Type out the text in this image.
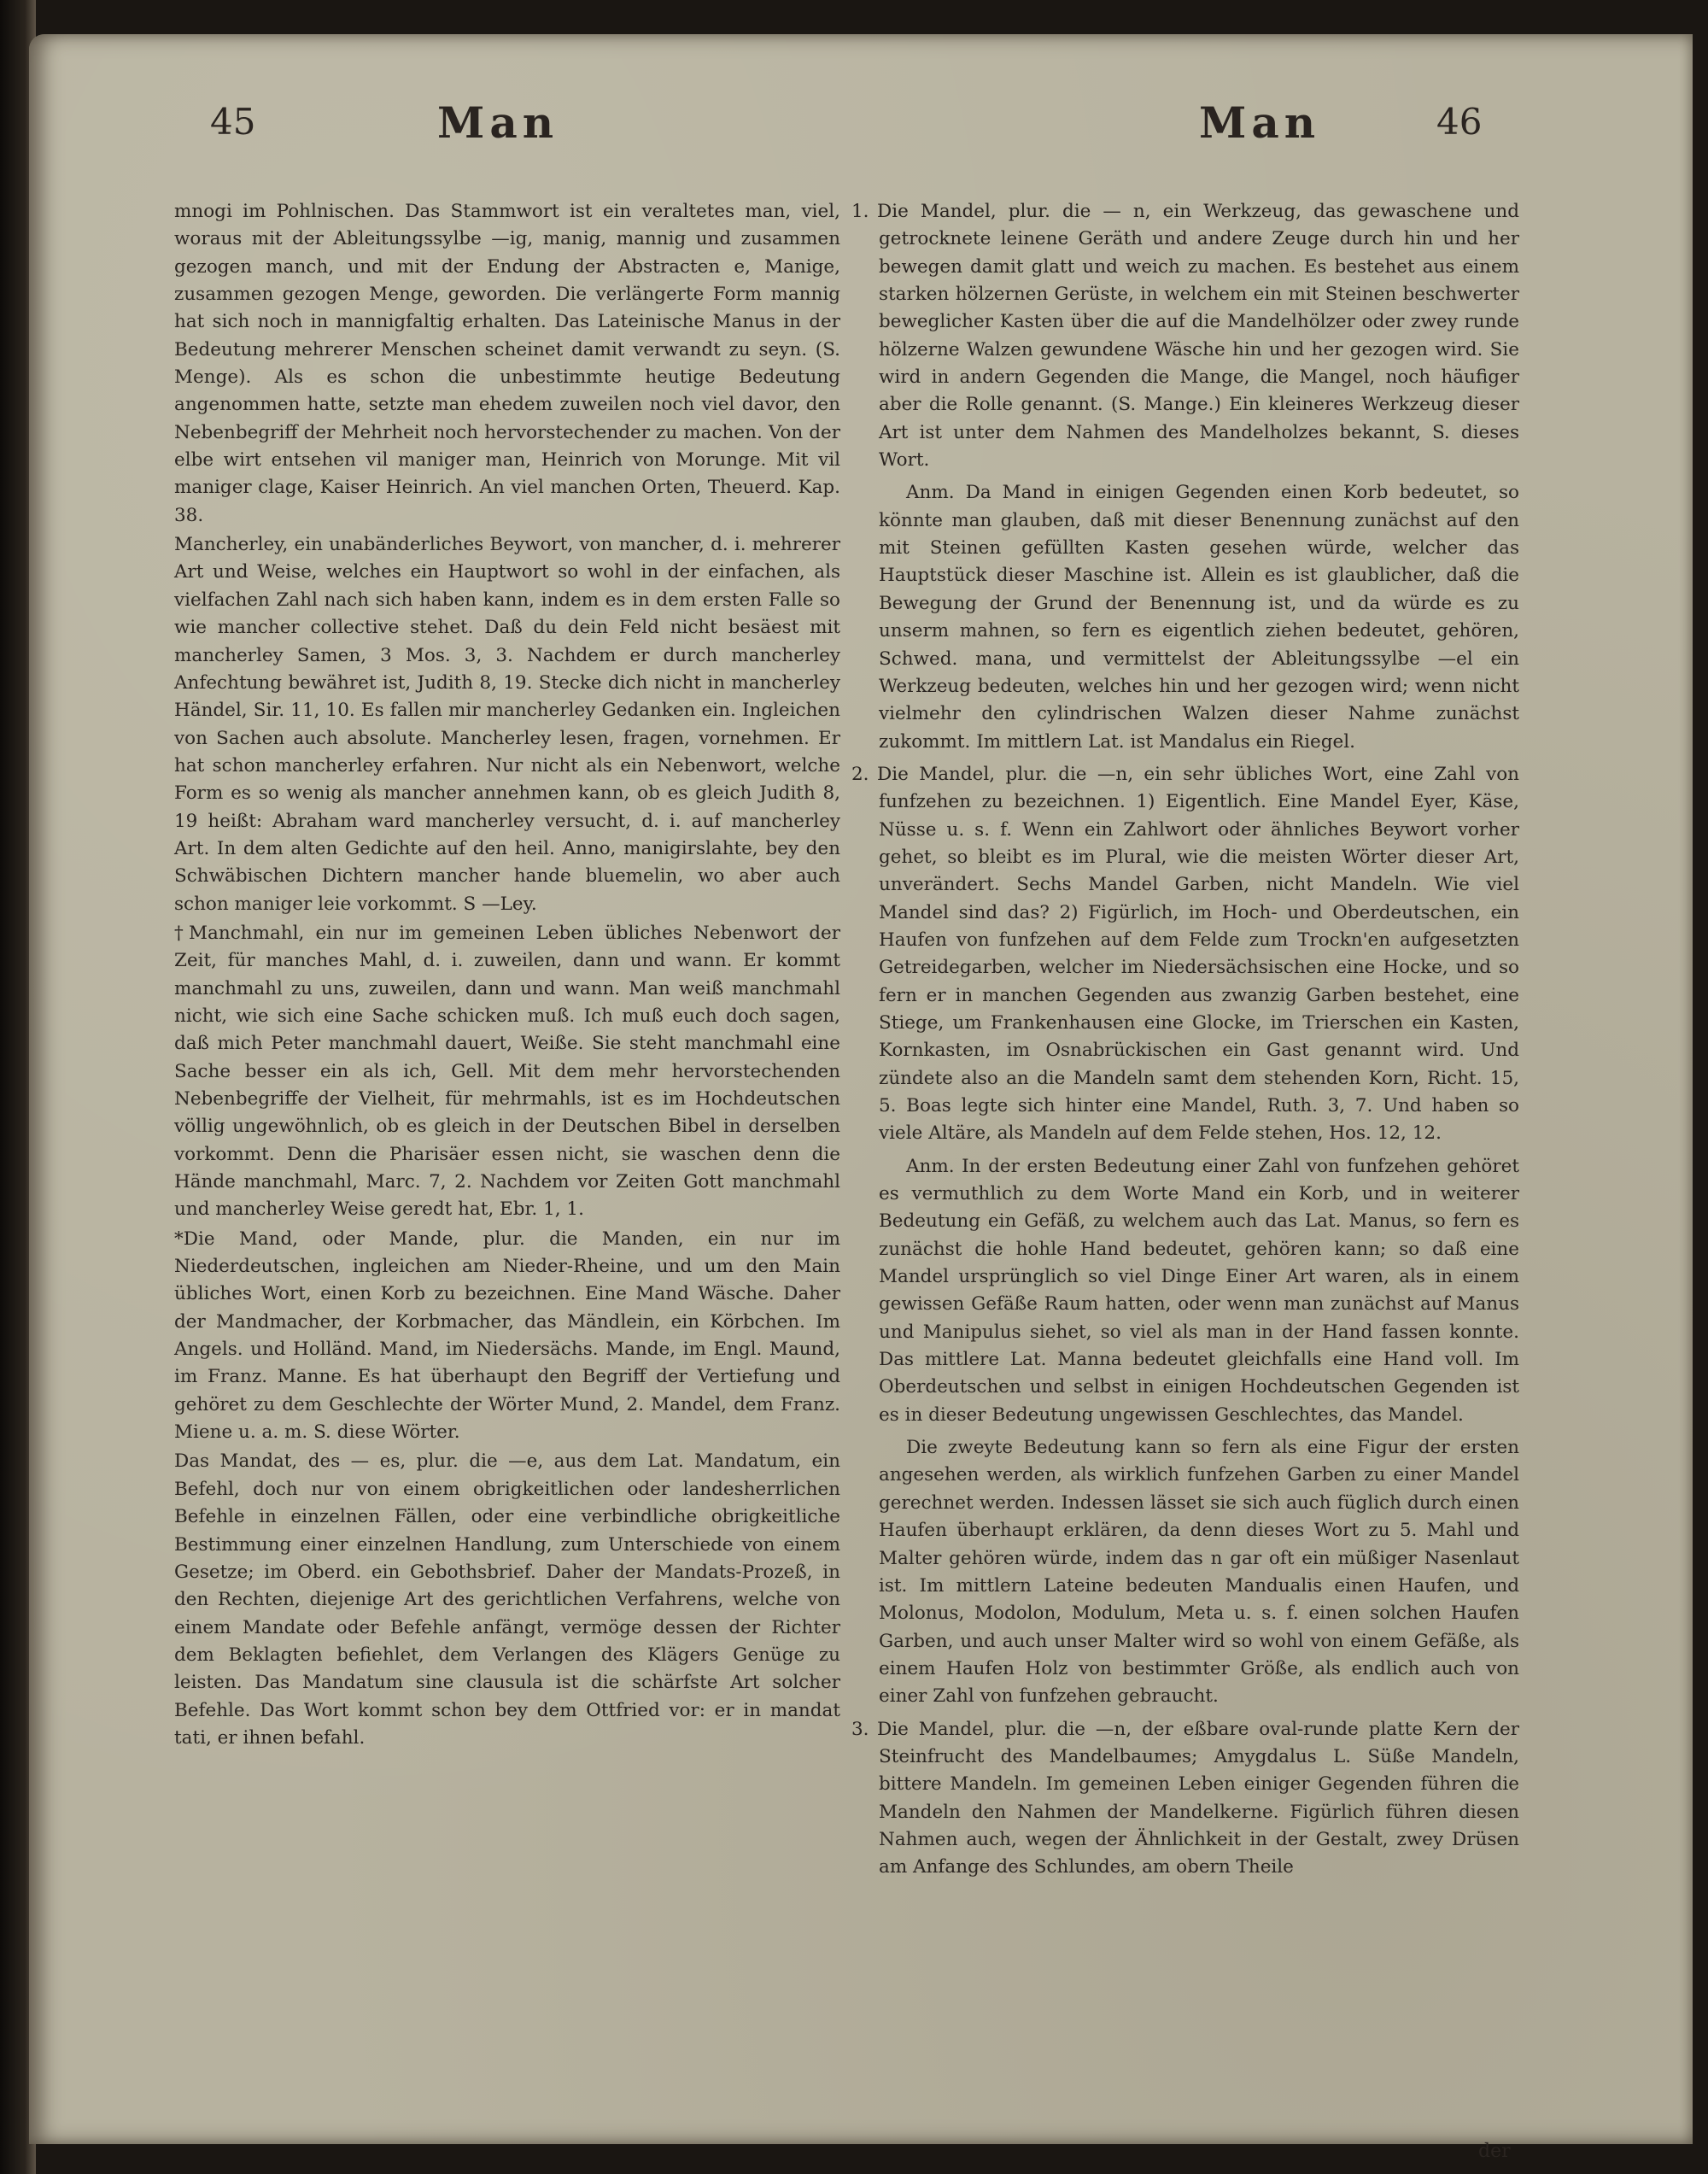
45	Man	Man	46

mnogi im Pohlnischen. Das Stammwort ist ein veraltetes man, viel, woraus mit der Ableitungssylbe —ig, manig, mannig und zusammen gezogen manch, und mit der Endung der Abstracten e, Manige, zusammen gezogen Menge, geworden. Die verlängerte Form mannig hat sich noch in mannigfaltig erhalten. Das Lateinische Manus in der Bedeutung mehrerer Menschen scheinet damit verwandt zu seyn. (S. Menge). Als es schon die unbestimmte heutige Bedeutung angenommen hatte, setzte man ehedem zuweilen noch viel davor, den Nebenbegriff der Mehrheit noch hervorstechender zu machen. Von der elbe wirt entsehen vil maniger man, Heinrich von Morunge. Mit vil maniger clage, Kaiser Heinrich. An viel manchen Orten, Theuerd. Kap. 38.

Mancherley, ein unabänderliches Beywort, von mancher, d. i. mehrerer Art und Weise, welches ein Hauptwort so wohl in der einfachen, als vielfachen Zahl nach sich haben kann, indem es in dem ersten Falle so wie mancher collective stehet. Daß du dein Feld nicht besäest mit mancherley Samen, 3 Mos. 3, 3. Nachdem er durch mancherley Anfechtung bewähret ist, Judith 8, 19. Stecke dich nicht in mancherley Händel, Sir. 11, 10. Es fallen mir mancherley Gedanken ein. Ingleichen von Sachen auch absolute. Mancherley lesen, fragen, vornehmen. Er hat schon mancherley erfahren. Nur nicht als ein Nebenwort, welche Form es so wenig als mancher annehmen kann, ob es gleich Judith 8, 19 heißt: Abraham ward mancherley versucht, d. i. auf mancherley Art. In dem alten Gedichte auf den heil. Anno, manigirslahte, bey den Schwäbischen Dichtern mancher hande bluemelin, wo aber auch schon maniger leie vorkommt. S —Ley.

†Manchmahl, ein nur im gemeinen Leben übliches Nebenwort der Zeit, für manches Mahl, d. i. zuweilen, dann und wann. Er kommt manchmahl zu uns, zuweilen, dann und wann. Man weiß manchmahl nicht, wie sich eine Sache schicken muß. Ich muß euch doch sagen, daß mich Peter manchmahl dauert, Weiße. Sie steht manchmahl eine Sache besser ein als ich, Gell. Mit dem mehr hervorstechenden Nebenbegriffe der Vielheit, für mehrmahls, ist es im Hochdeutschen völlig ungewöhnlich, ob es gleich in der Deutschen Bibel in derselben vorkommt. Denn die Pharisäer essen nicht, sie waschen denn die Hände manchmahl, Marc. 7, 2. Nachdem vor Zeiten Gott manchmahl und mancherley Weise geredt hat, Ebr. 1, 1.

*Die Mand, oder Mande, plur. die Manden, ein nur im Niederdeutschen, ingleichen am Nieder-Rheine, und um den Main übliches Wort, einen Korb zu bezeichnen. Eine Mand Wäsche. Daher der Mandmacher, der Korbmacher, das Mändlein, ein Körbchen. Im Angels. und Holländ. Mand, im Niedersächs. Mande, im Engl. Maund, im Franz. Manne. Es hat überhaupt den Begriff der Vertiefung und gehöret zu dem Geschlechte der Wörter Mund, 2. Mandel, dem Franz. Miene u. a. m. S. diese Wörter.

Das Mandat, des — es, plur. die —e, aus dem Lat. Mandatum, ein Befehl, doch nur von einem obrigkeitlichen oder landesherrlichen Befehle in einzelnen Fällen, oder eine verbindliche obrigkeitliche Bestimmung einer einzelnen Handlung, zum Unterschiede von einem Gesetze; im Oberd. ein Gebothsbrief. Daher der Mandats-Prozeß, in den Rechten, diejenige Art des gerichtlichen Verfahrens, welche von einem Mandate oder Befehle anfängt, vermöge dessen der Richter dem Beklagten befiehlet, dem Verlangen des Klägers Genüge zu leisten. Das Mandatum sine clausula ist die schärfste Art solcher Befehle. Das Wort kommt schon bey dem Ottfried vor: er in mandat tati, er ihnen befahl.

1. Die Mandel, plur. die — n, ein Werkzeug, das gewaschene und getrocknete leinene Geräth und andere Zeuge durch hin und her bewegen damit glatt und weich zu machen. Es bestehet aus einem starken hölzernen Gerüste, in welchem ein mit Steinen beschwerter beweglicher Kasten über die auf die Mandelhölzer oder zwey runde hölzerne Walzen gewundene Wäsche hin und her gezogen wird. Sie wird in andern Gegenden die Mange, die Mangel, noch häufiger aber die Rolle genannt. (S. Mange.) Ein kleineres Werkzeug dieser Art ist unter dem Nahmen des Mandelholzes bekannt, S. dieses Wort.

Anm. Da Mand in einigen Gegenden einen Korb bedeutet, so könnte man glauben, daß mit dieser Benennung zunächst auf den mit Steinen gefüllten Kasten gesehen würde, welcher das Hauptstück dieser Maschine ist. Allein es ist glaublicher, daß die Bewegung der Grund der Benennung ist, und da würde es zu unserm mahnen, so fern es eigentlich ziehen bedeutet, gehören, Schwed. mana, und vermittelst der Ableitungssylbe —el ein Werkzeug bedeuten, welches hin und her gezogen wird; wenn nicht vielmehr den cylindrischen Walzen dieser Nahme zunächst zukommt. Im mittlern Lat. ist Mandalus ein Riegel.

2. Die Mandel, plur. die —n, ein sehr übliches Wort, eine Zahl von funfzehen zu bezeichnen. 1) Eigentlich. Eine Mandel Eyer, Käse, Nüsse u. s. f. Wenn ein Zahlwort oder ähnliches Beywort vorher gehet, so bleibt es im Plural, wie die meisten Wörter dieser Art, unverändert. Sechs Mandel Garben, nicht Mandeln. Wie viel Mandel sind das? 2) Figürlich, im Hoch- und Oberdeutschen, ein Haufen von funfzehen auf dem Felde zum Trockn'en aufgesetzten Getreidegarben, welcher im Niedersächsischen eine Hocke, und so fern er in manchen Gegenden aus zwanzig Garben bestehet, eine Stiege, um Frankenhausen eine Glocke, im Trierschen ein Kasten, Kornkasten, im Osnabrückischen ein Gast genannt wird. Und zündete also an die Mandeln samt dem stehenden Korn, Richt. 15, 5. Boas legte sich hinter eine Mandel, Ruth. 3, 7. Und haben so viele Altäre, als Mandeln auf dem Felde stehen, Hos. 12, 12.

Anm. In der ersten Bedeutung einer Zahl von funfzehen gehöret es vermuthlich zu dem Worte Mand ein Korb, und in weiterer Bedeutung ein Gefäß, zu welchem auch das Lat. Manus, so fern es zunächst die hohle Hand bedeutet, gehören kann; so daß eine Mandel ursprünglich so viel Dinge Einer Art waren, als in einem gewissen Gefäße Raum hatten, oder wenn man zunächst auf Manus und Manipulus siehet, so viel als man in der Hand fassen konnte. Das mittlere Lat. Manna bedeutet gleichfalls eine Hand voll. Im Oberdeutschen und selbst in einigen Hochdeutschen Gegenden ist es in dieser Bedeutung ungewissen Geschlechtes, das Mandel.

Die zweyte Bedeutung kann so fern als eine Figur der ersten angesehen werden, als wirklich funfzehen Garben zu einer Mandel gerechnet werden. Indessen lässet sie sich auch füglich durch einen Haufen überhaupt erklären, da denn dieses Wort zu 5. Mahl und Malter gehören würde, indem das n gar oft ein müßiger Nasenlaut ist. Im mittlern Lateine bedeuten Mandualis einen Haufen, und Molonus, Modolon, Modulum, Meta u. s. f. einen solchen Haufen Garben, und auch unser Malter wird so wohl von einem Gefäße, als einem Haufen Holz von bestimmter Größe, als endlich auch von einer Zahl von funfzehen gebraucht.

3. Die Mandel, plur. die —n, der eßbare oval-runde platte Kern der Steinfrucht des Mandelbaumes; Amygdalus L. Süße Mandeln, bittere Mandeln. Im gemeinen Leben einiger Gegenden führen die Mandeln den Nahmen der Mandelkerne. Figürlich führen diesen Nahmen auch, wegen der Ähnlichkeit in der Gestalt, zwey Drüsen am Anfange des Schlundes, am obern Theile

der
